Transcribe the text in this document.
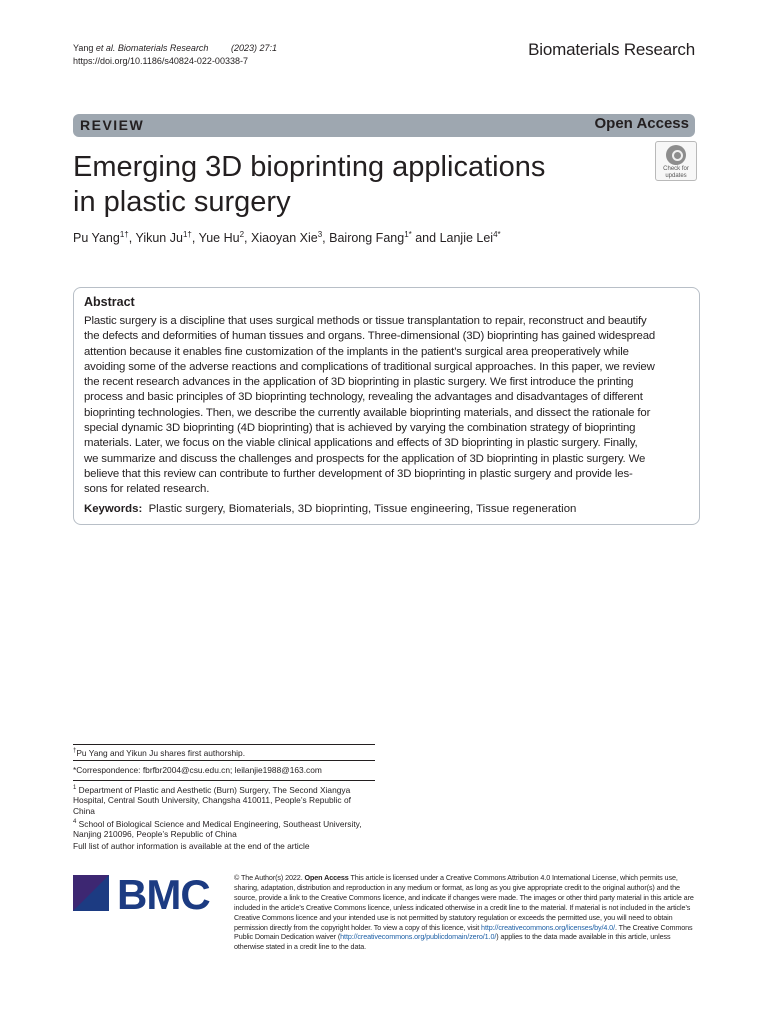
Yang et al. Biomaterials Research	(2023) 27:1
https://doi.org/10.1186/s40824-022-00338-7
Biomaterials Research
REVIEW	Open Access
Emerging 3D bioprinting applications
in plastic surgery
Check for
updates
Pu Yang$^{1\dagger}$, Yikun $Ju^{1\dagger}$, Yue Hu$^2$, Xiaoyan Xie$^3$, Bairong Fang$^{1*}$ and Lanjie Lei$^{4*}$
Abstract
Plastic surgery is a discipline that uses surgical methods or tissue transplantation to repair, reconstruct and beautify
the defects and deformities of human tissues and organs. Three-dimensional (3D) bioprinting has gained widespread
attention because it enables fine customization of the implants in the patient’s surgical area preoperatively while
avoiding some of the adverse reactions and complications of traditional surgical approaches. In this paper, we review
the recent research advances in the application of 3D bioprinting in plastic surgery. We first introduce the printing
process and basic principles of 3D bioprinting technology, revealing the advantages and disadvantages of different
bioprinting technologies. Then, we describe the currently available bioprinting materials, and dissect the rationale for
special dynamic 3D bioprinting (4D bioprinting) that is achieved by varying the combination strategy of bioprinting
materials. Later, we focus on the viable clinical applications and effects of 3D bioprinting in plastic surgery. Finally,
we summarize and discuss the challenges and prospects for the application of 3D bioprinting in plastic surgery. We
believe that this review can contribute to further development of 3D bioprinting in plastic surgery and provide les-
sons for related research.
Keywords: Plastic surgery, Biomaterials, 3D bioprinting, Tissue engineering, Tissue regeneration
†Pu Yang and Yikun Ju shares first authorship.
*Correspondence: fbrfbr2004@csu.edu.cn; leilanjie1988@163.com
$^1$ Department of Plastic and Aesthetic (Burn) Surgery, The Second Xiangya Hospital, Central South University, Changsha 410011, People’s Republic of China
$^4$ School of Biological Science and Medical Engineering, Southeast University, Nanjing 210096, People’s Republic of China
Full list of author information is available at the end of the article
BMC	© The Author(s) 2022. Open Access This article is licensed under a Creative Commons Attribution 4.0 International License, which permits use, sharing, adaptation, distribution and reproduction in any medium or format, as long as you give appropriate credit to the original author(s) and the source, provide a link to the Creative Commons licence, and indicate if changes were made. The images or other third party material in this article are included in the article’s Creative Commons licence, unless indicated otherwise in a credit line to the material. If material is not included in the article’s Creative Commons licence and your intended use is not permitted by statutory regulation or exceeds the permitted use, you will need to obtain permission directly from the copyright holder. To view a copy of this licence, visit http://creativecommons.org/licenses/by/4.0/. The Creative Commons Public Domain Dedication waiver (http://creativecommons.org/publicdomain/zero/1.0/) applies to the data made available in this article, unless otherwise stated in a credit line to the data.
